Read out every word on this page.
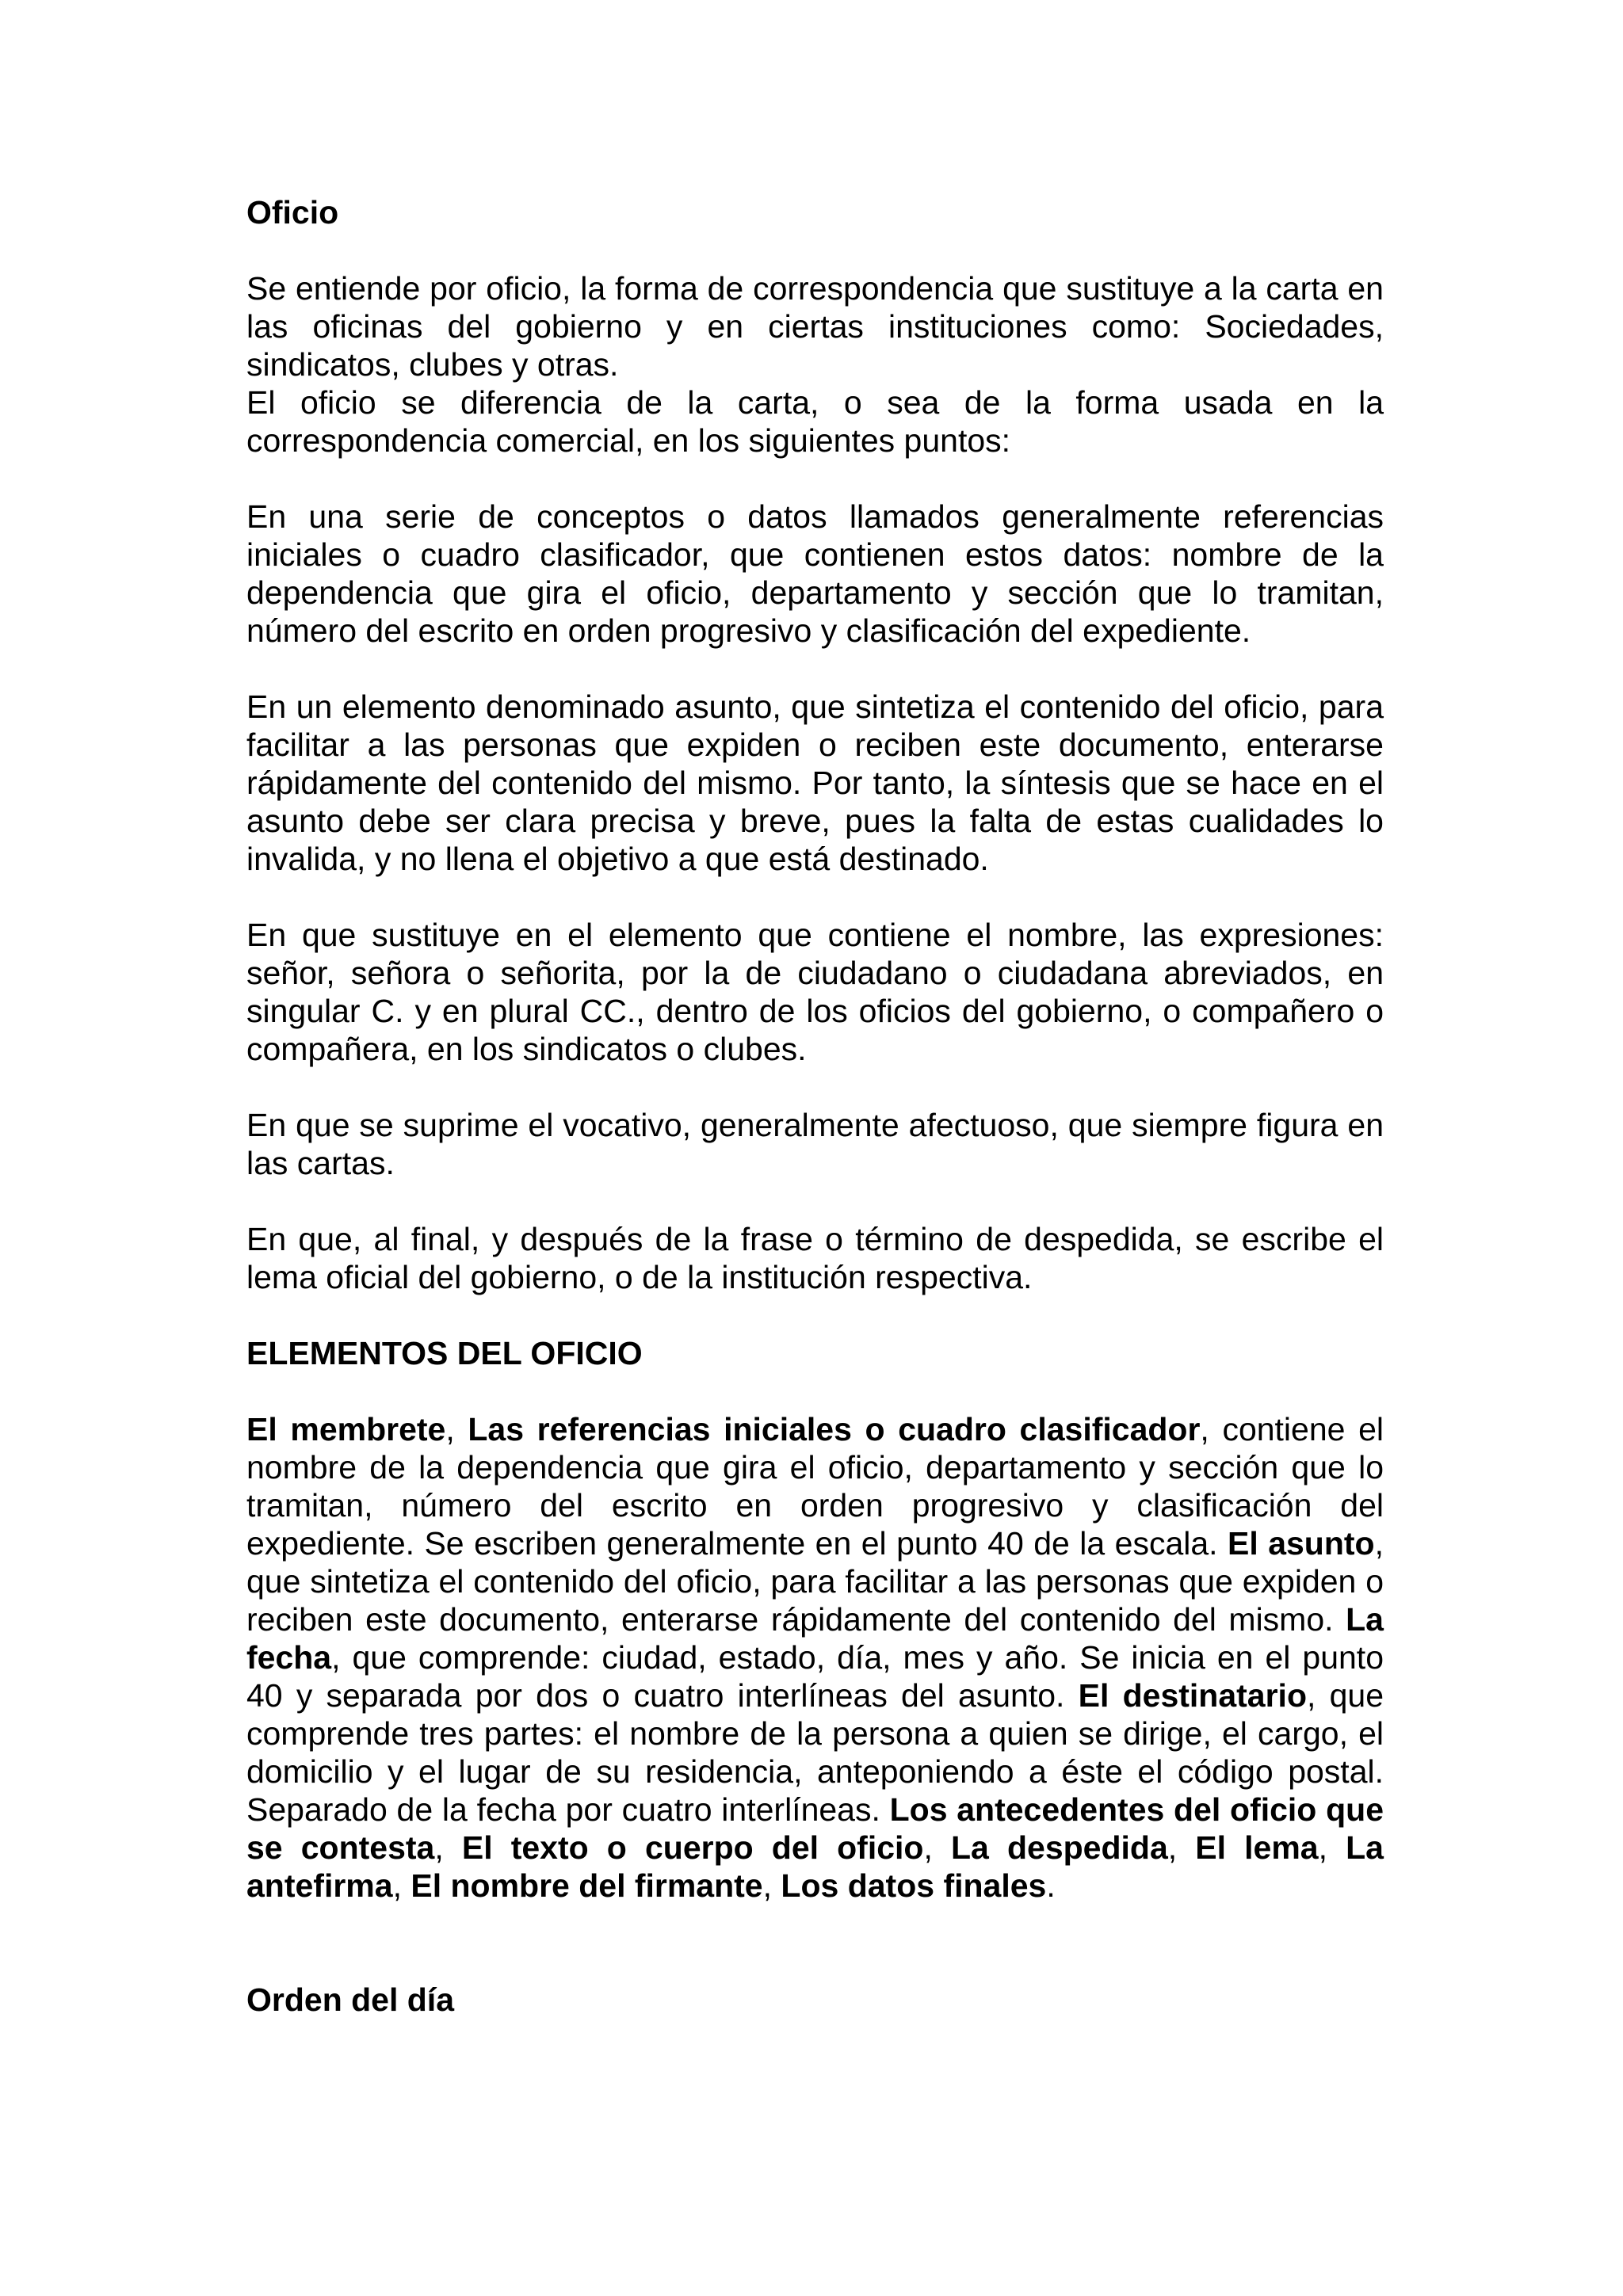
Oficio

Se entiende por oficio, la forma de correspondencia que sustituye a la carta en las oficinas del gobierno y en ciertas instituciones como: Sociedades, sindicatos, clubes y otras.

El oficio se diferencia de la carta, o sea de la forma usada en la correspondencia comercial, en los siguientes puntos:

En una serie de conceptos o datos llamados generalmente referencias iniciales o cuadro clasificador, que contienen estos datos: nombre de la dependencia que gira el oficio, departamento y sección que lo tramitan, número del escrito en orden progresivo y clasificación del expediente.

En un elemento denominado asunto, que sintetiza el contenido del oficio, para facilitar a las personas que expiden o reciben este documento, enterarse rápidamente del contenido del mismo. Por tanto, la síntesis que se hace en el asunto debe ser clara precisa y breve, pues la falta de estas cualidades lo invalida, y no llena el objetivo a que está destinado.

En que sustituye en el elemento que contiene el nombre, las expresiones: señor, señora o señorita, por la de ciudadano o ciudadana abreviados, en singular C. y en plural CC., dentro de los oficios del gobierno, o compañero o compañera, en los sindicatos o clubes.

En que se suprime el vocativo, generalmente afectuoso, que siempre figura en las cartas.

En que, al final, y después de la frase o término de despedida, se escribe el lema oficial del gobierno, o de la institución respectiva.

ELEMENTOS DEL OFICIO

El membrete, Las referencias iniciales o cuadro clasificador, contiene el nombre de la dependencia que gira el oficio, departamento y sección que lo tramitan, número del escrito en orden progresivo y clasificación del expediente. Se escriben generalmente en el punto 40 de la escala. El asunto, que sintetiza el contenido del oficio, para facilitar a las personas que expiden o reciben este documento, enterarse rápidamente del contenido del mismo. La fecha, que comprende: ciudad, estado, día, mes y año. Se inicia en el punto 40 y separada por dos o cuatro interlíneas del asunto. El destinatario, que comprende tres partes: el nombre de la persona a quien se dirige, el cargo, el domicilio y el lugar de su residencia, anteponiendo a éste el código postal. Separado de la fecha por cuatro interlíneas. Los antecedentes del oficio que se contesta, El texto o cuerpo del oficio, La despedida, El lema, La antefirma, El nombre del firmante, Los datos finales.

Orden del día
